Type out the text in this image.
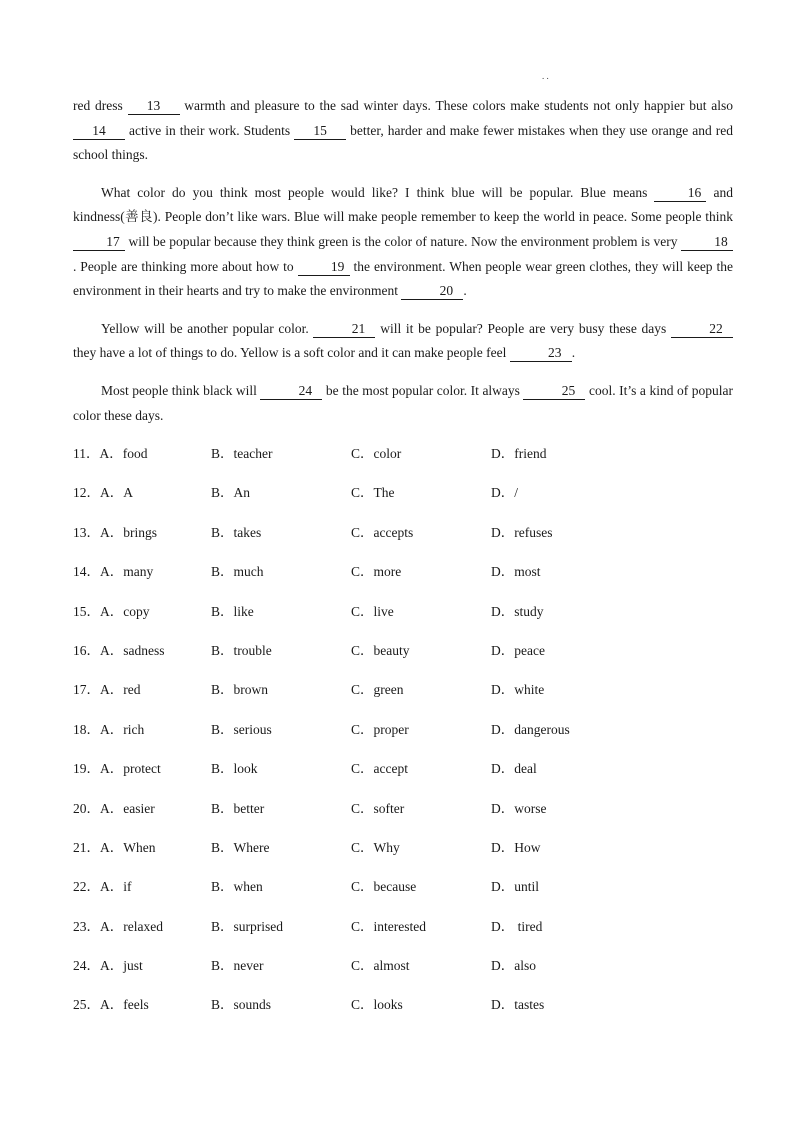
. .

red dress 13 warmth and pleasure to the sad winter days. These colors make students not only happier but also 14 active in their work. Students 15 better, harder and make fewer mistakes when they use orange and red school things.

What color do you think most people would like? I think blue will be popular. Blue means 16 and kindness(善良). People don’t like wars. Blue will make people remember to keep the world in peace. Some people think 17 will be popular because they think green is the color of nature. Now the environment problem is very 18. People are thinking more about how to 19 the environment. When people wear green clothes, they will keep the environment in their hearts and try to make the environment	20 .

Yellow will be another popular color.	21 will it be popular? People are very busy these days	22 they have a lot of things to do. Yellow is a soft color and it can make people feel	23 .

Most people think black will	24 be the most popular color. It always	25 cool. It’s a kind of popular color these days.

11．A．food	B．teacher	C．color	D．friend
12．A．A	B．An	C．The	D．/
13．A．brings	B．takes	C．accepts	D．refuses
14．A．many	B．much	C．more	D．most
15．A．copy	B．like	C．live	D．study
16．A．sadness	B．trouble	C．beauty	D．peace
17．A．red	B．brown	C．green	D．white
18．A．rich	B．serious	C．proper	D．dangerous
19．A．protect	B．look	C．accept	D．deal
20．A．easier	B．better	C．softer	D．worse
21．A．When	B．Where	C．Why	D．How
22．A．if	B．when	C．because	D．until
23．A．relaxed	B．surprised	C．interested	D． tired
24．A．just	B．never	C．almost	D．also
25．A．feels	B．sounds	C．looks	D．tastes
